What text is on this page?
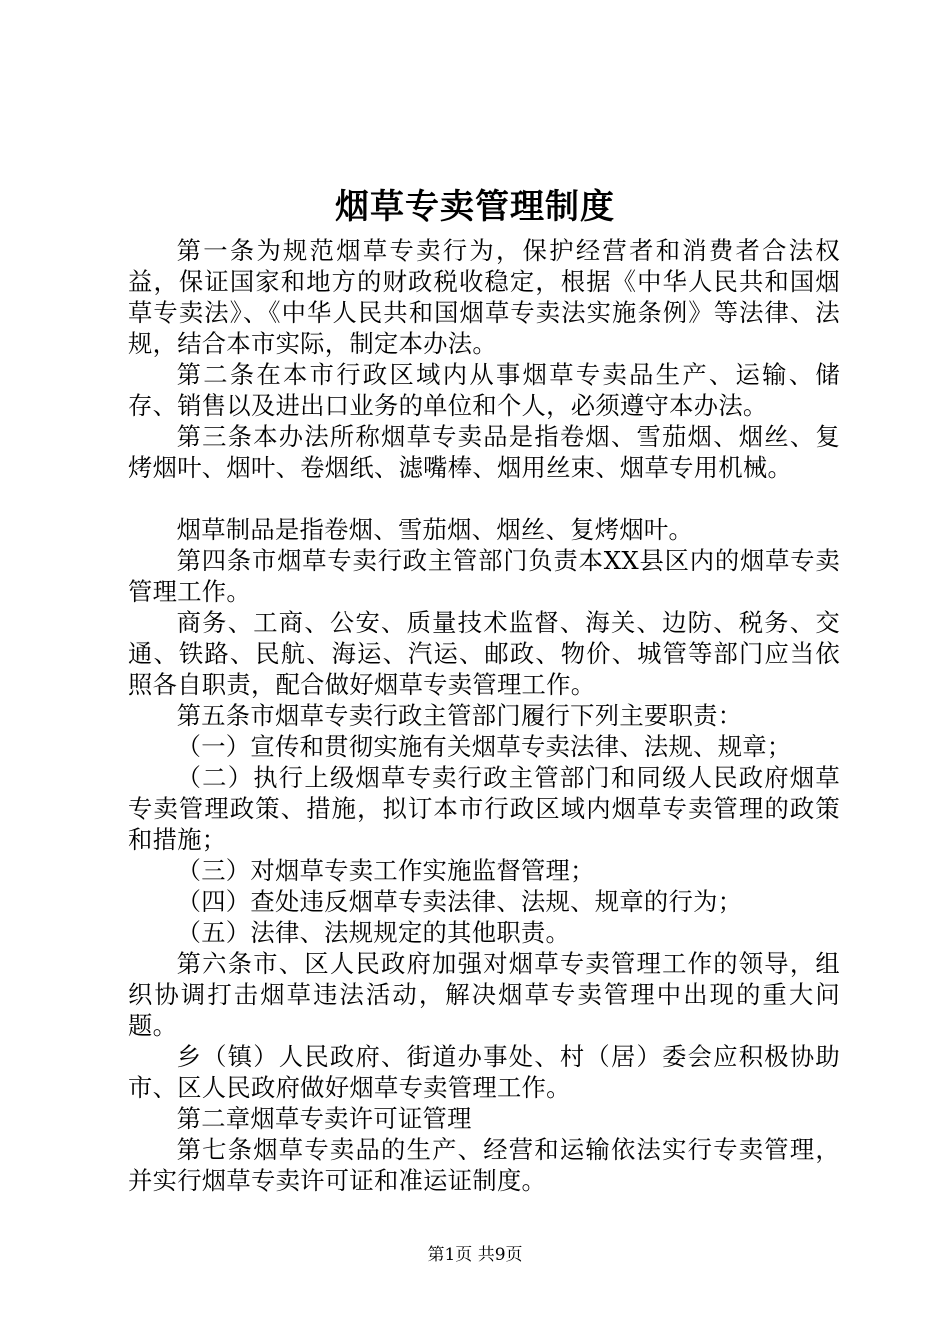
烟草专卖管理制度

第一条为规范烟草专卖行为，保护经营者和消费者合法权益，保证国家和地方的财政税收稳定，根据《中华人民共和国烟草专卖法》、《中华人民共和国烟草专卖法实施条例》等法律、法规，结合本市实际，制定本办法。

第二条在本市行政区域内从事烟草专卖品生产、运输、储存、销售以及进出口业务的单位和个人，必须遵守本办法。

第三条本办法所称烟草专卖品是指卷烟、雪茄烟、烟丝、复烤烟叶、烟叶、卷烟纸、滤嘴棒、烟用丝束、烟草专用机械。

烟草制品是指卷烟、雪茄烟、烟丝、复烤烟叶。

第四条市烟草专卖行政主管部门负责本XX县区内的烟草专卖管理工作。

商务、工商、公安、质量技术监督、海关、边防、税务、交通、铁路、民航、海运、汽运、邮政、物价、城管等部门应当依照各自职责，配合做好烟草专卖管理工作。

第五条市烟草专卖行政主管部门履行下列主要职责：

（一）宣传和贯彻实施有关烟草专卖法律、法规、规章；

（二）执行上级烟草专卖行政主管部门和同级人民政府烟草专卖管理政策、措施，拟订本市行政区域内烟草专卖管理的政策和措施；

（三）对烟草专卖工作实施监督管理；

（四）查处违反烟草专卖法律、法规、规章的行为；

（五）法律、法规规定的其他职责。

第六条市、区人民政府加强对烟草专卖管理工作的领导，组织协调打击烟草违法活动，解决烟草专卖管理中出现的重大问题。

乡（镇）人民政府、街道办事处、村（居）委会应积极协助市、区人民政府做好烟草专卖管理工作。

第二章烟草专卖许可证管理

第七条烟草专卖品的生产、经营和运输依法实行专卖管理，并实行烟草专卖许可证和准运证制度。

第1页 共9页
